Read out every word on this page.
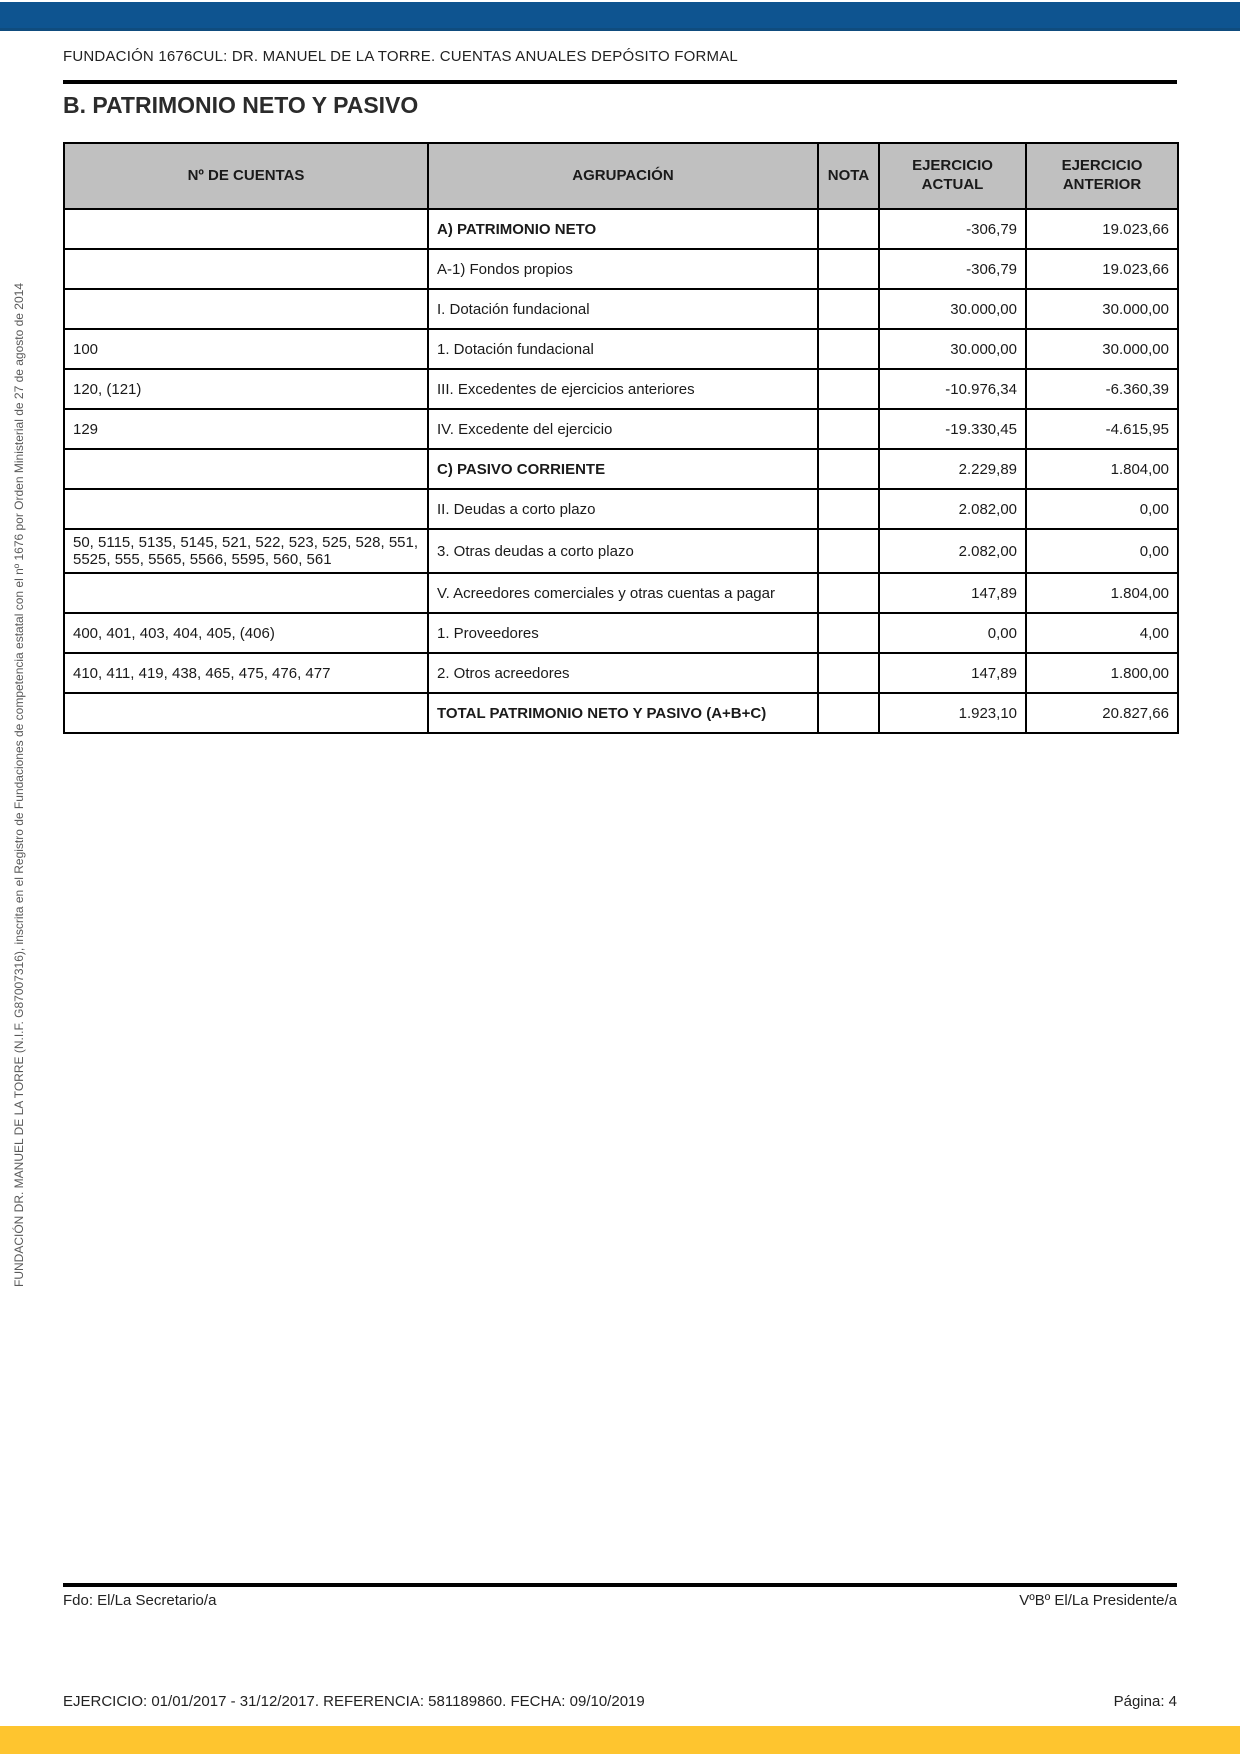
FUNDACIÓN 1676CUL: DR. MANUEL DE LA TORRE. CUENTAS ANUALES DEPÓSITO FORMAL
B. PATRIMONIO NETO Y PASIVO
Nº DE CUENTAS	AGRUPACIÓN	NOTA	EJERCICIO ACTUAL	EJERCICIO ANTERIOR
	A) PATRIMONIO NETO		-306,79	19.023,66
	A-1) Fondos propios		-306,79	19.023,66
	I. Dotación fundacional		30.000,00	30.000,00
100	1. Dotación fundacional		30.000,00	30.000,00
120, (121)	III. Excedentes de ejercicios anteriores		-10.976,34	-6.360,39
129	IV. Excedente del ejercicio		-19.330,45	-4.615,95
	C) PASIVO CORRIENTE		2.229,89	1.804,00
	II. Deudas a corto plazo		2.082,00	0,00
50, 5115, 5135, 5145, 521, 522, 523, 525, 528, 551, 5525, 555, 5565, 5566, 5595, 560, 561	3. Otras deudas a corto plazo		2.082,00	0,00
	V. Acreedores comerciales y otras cuentas a pagar		147,89	1.804,00
400, 401, 403, 404, 405, (406)	1. Proveedores		0,00	4,00
410, 411, 419, 438, 465, 475, 476, 477	2. Otros acreedores		147,89	1.800,00
	TOTAL PATRIMONIO NETO Y PASIVO (A+B+C)		1.923,10	20.827,66
FUNDACIÓN DR. MANUEL DE LA TORRE (N.I.F. G87007316), inscrita en el Registro de Fundaciones de competencia estatal con el nº 1676 por Orden Ministerial de 27 de agosto de 2014
Fdo: El/La Secretario/a	VºBº El/La Presidente/a
EJERCICIO: 01/01/2017 - 31/12/2017. REFERENCIA: 581189860. FECHA: 09/10/2019	Página: 4
